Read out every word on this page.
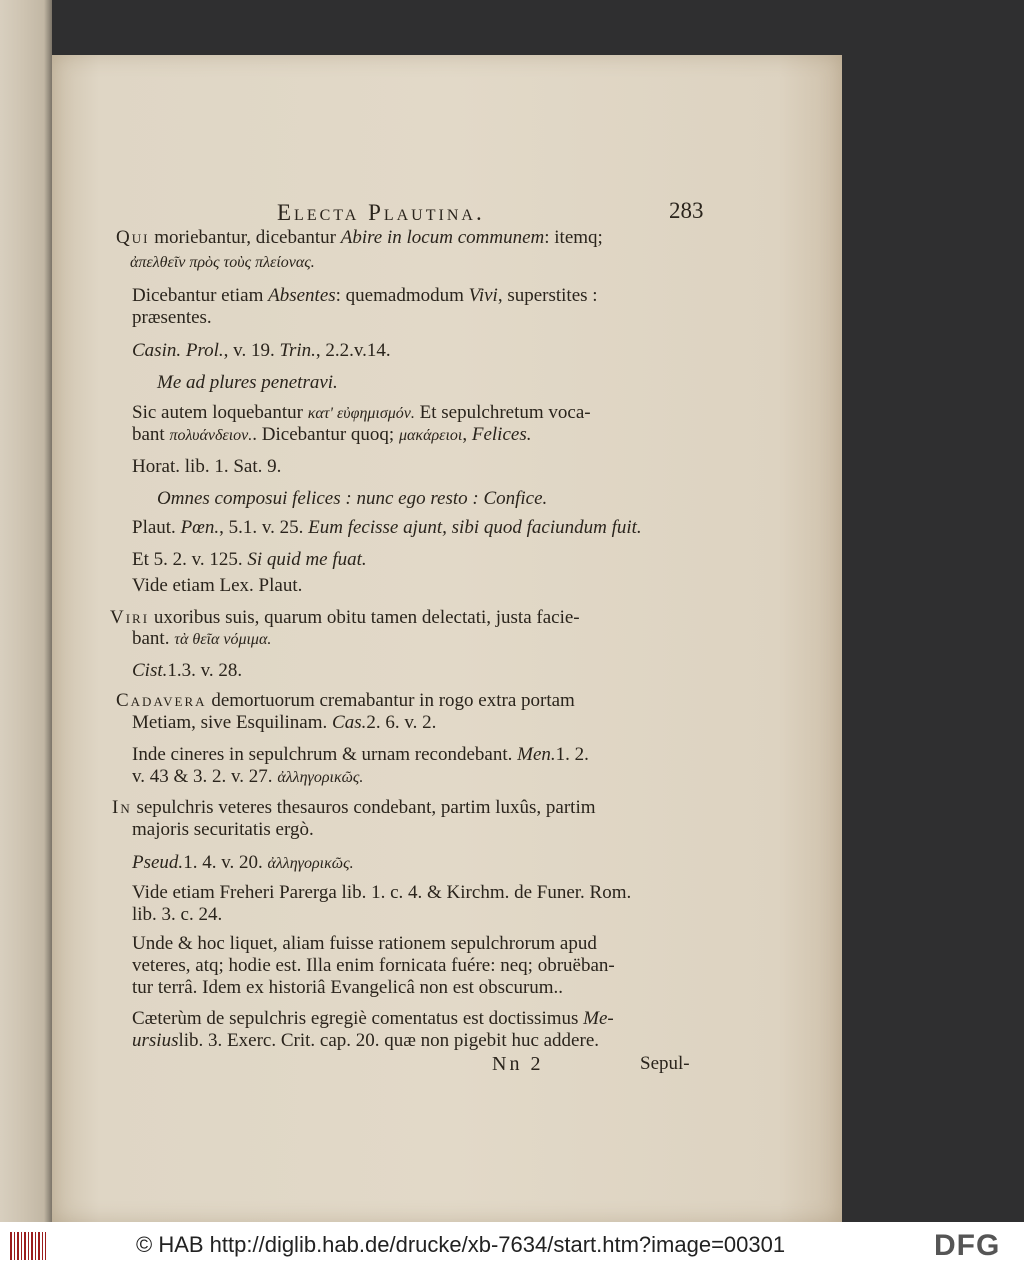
Electa Plautina.	283
Qui moriebantur, dicebantur Abire in locum communem: itemq;
ἀπελθεῖν πρὸς τοὺς πλείονας.
Dicebantur etiam Absentes: quemadmodum Vivi, superstites :
præsentes.
Casin. Prol., v. 19. Trin., 2.2.v.14.
Me ad plures penetravi.
Sic autem loquebantur κατ' εὐφημισμόν. Et sepulchretum voca-
bant πολυάνδειον.. Dicebantur quoq; μακάρειοι, Felices.
Horat. lib. 1. Sat. 9.
Omnes composui felices : nunc ego resto : Confice.
Plaut. Pœn., 5.1. v. 25. Eum fecisse ajunt, sibi quod faciundum fuit.
Et 5. 2. v. 125. Si quid me fuat.
Vide etiam Lex. Plaut.
Viri uxoribus suis, quarum obitu tamen delectati, justa facie-
bant. τὰ θεῖα νόμιμα.
Cist.1.3. v. 28.
Cadavera demortuorum cremabantur in rogo extra portam
Metiam, sive Esquilinam. Cas.2. 6. v. 2.
Inde cineres in sepulchrum & urnam recondebant. Men.1. 2.
v. 43 & 3. 2. v. 27. ἀλληγορικῶς.
In sepulchris veteres thesauros condebant, partim luxûs, partim
majoris securitatis ergò.
Pseud.1. 4. v. 20. ἀλληγορικῶς.
Vide etiam Freheri Parerga lib. 1. c. 4. & Kirchm. de Funer. Rom.
lib. 3. c. 24.
Unde & hoc liquet, aliam fuisse rationem sepulchrorum apud
veteres, atq; hodie est. Illa enim fornicata fuére: neq; obruëban-
tur terrâ. Idem ex historiâ Evangelicâ non est obscurum..
Cæterùm de sepulchris egregiè comentatus est doctissimus Me-
ursiuslib. 3. Exerc. Crit. cap. 20. quæ non pigebit huc addere.
Nn 2	Sepul-
© HAB http://diglib.hab.de/drucke/xb-7634/start.htm?image=00301	DFG
